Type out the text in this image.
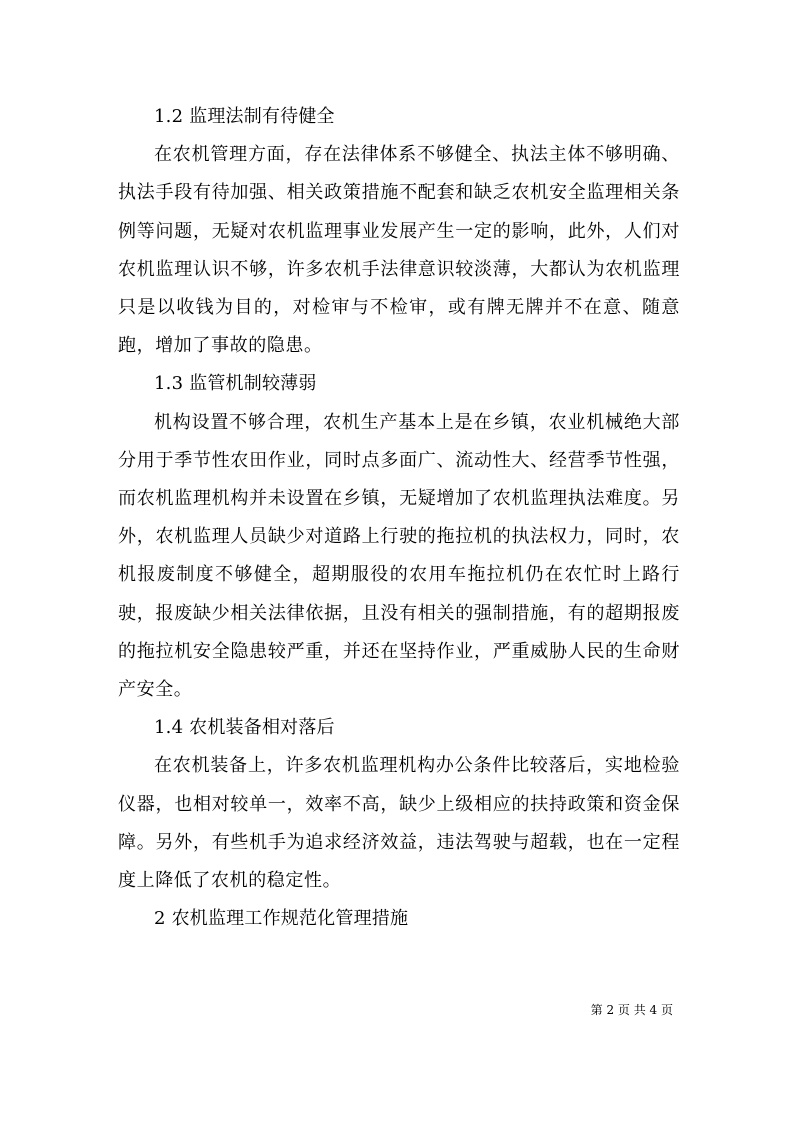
1.2 监理法制有待健全

在农机管理方面，存在法律体系不够健全、执法主体不够明确、执法手段有待加强、相关政策措施不配套和缺乏农机安全监理相关条例等问题，无疑对农机监理事业发展产生一定的影响，此外，人们对农机监理认识不够，许多农机手法律意识较淡薄，大都认为农机监理只是以收钱为目的，对检审与不检审，或有牌无牌并不在意、随意跑，增加了事故的隐患。

1.3 监管机制较薄弱

机构设置不够合理，农机生产基本上是在乡镇，农业机械绝大部分用于季节性农田作业，同时点多面广、流动性大、经营季节性强，而农机监理机构并未设置在乡镇，无疑增加了农机监理执法难度。另外，农机监理人员缺少对道路上行驶的拖拉机的执法权力，同时，农机报废制度不够健全，超期服役的农用车拖拉机仍在农忙时上路行驶，报废缺少相关法律依据，且没有相关的强制措施，有的超期报废的拖拉机安全隐患较严重，并还在坚持作业，严重威胁人民的生命财产安全。

1.4 农机装备相对落后

在农机装备上，许多农机监理机构办公条件比较落后，实地检验仪器，也相对较单一，效率不高，缺少上级相应的扶持政策和资金保障。另外，有些机手为追求经济效益，违法驾驶与超载，也在一定程度上降低了农机的稳定性。

2 农机监理工作规范化管理措施

第 2 页 共 4 页
